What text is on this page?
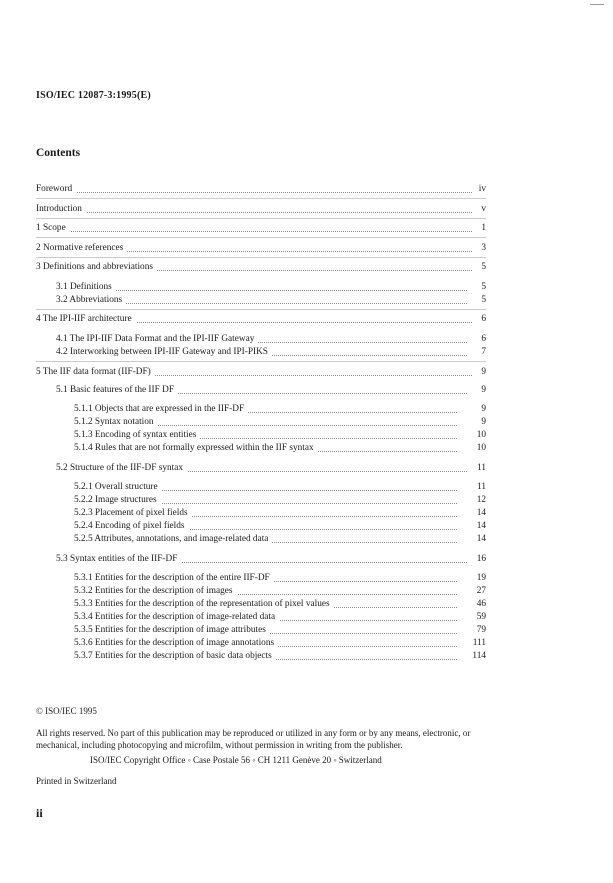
ISO/IEC 12087-3:1995(E)
Contents
Foreword	iv
Introduction	v
1 Scope	1
2 Normative references	3
3 Definitions and abbreviations	5
3.1 Definitions	5
3.2 Abbreviations	5
4 The IPI-IIF architecture	6
4.1 The IPI-IIF Data Format and the IPI-IIF Gateway	6
4.2 Interworking between IPI-IIF Gateway and IPI-PIKS	7
5 The IIF data format (IIF-DF)	9
5.1 Basic features of the IIF DF	9
5.1.1 Objects that are expressed in the IIF-DF	9
5.1.2 Syntax notation	9
5.1.3 Encoding of syntax entities	10
5.1.4 Rules that are not formally expressed within the IIF syntax	10
5.2 Structure of the IIF-DF syntax	11
5.2.1 Overall structure	11
5.2.2 Image structures	12
5.2.3 Placement of pixel fields	14
5.2.4 Encoding of pixel fields	14
5.2.5 Attributes, annotations, and image-related data	14
5.3 Syntax entities of the IIF-DF	16
5.3.1 Entities for the description of the entire IIF-DF	19
5.3.2 Entities for the description of images	27
5.3.3 Entities for the description of the representation of pixel values	46
5.3.4 Entities for the description of image-related data	59
5.3.5 Entities for the description of image attributes	79
5.3.6 Entities for the description of image annotations	111
5.3.7 Entities for the description of basic data objects	114
© ISO/IEC 1995
All rights reserved. No part of this publication may be reproduced or utilized in any form or by any means, electronic, or mechanical, including photocopying and microfilm, without permission in writing from the publisher.
ISO/IEC Copyright Office ◦ Case Postale 56 ◦ CH 1211 Genève 20 ◦ Switzerland
Printed in Switzerland
ii
